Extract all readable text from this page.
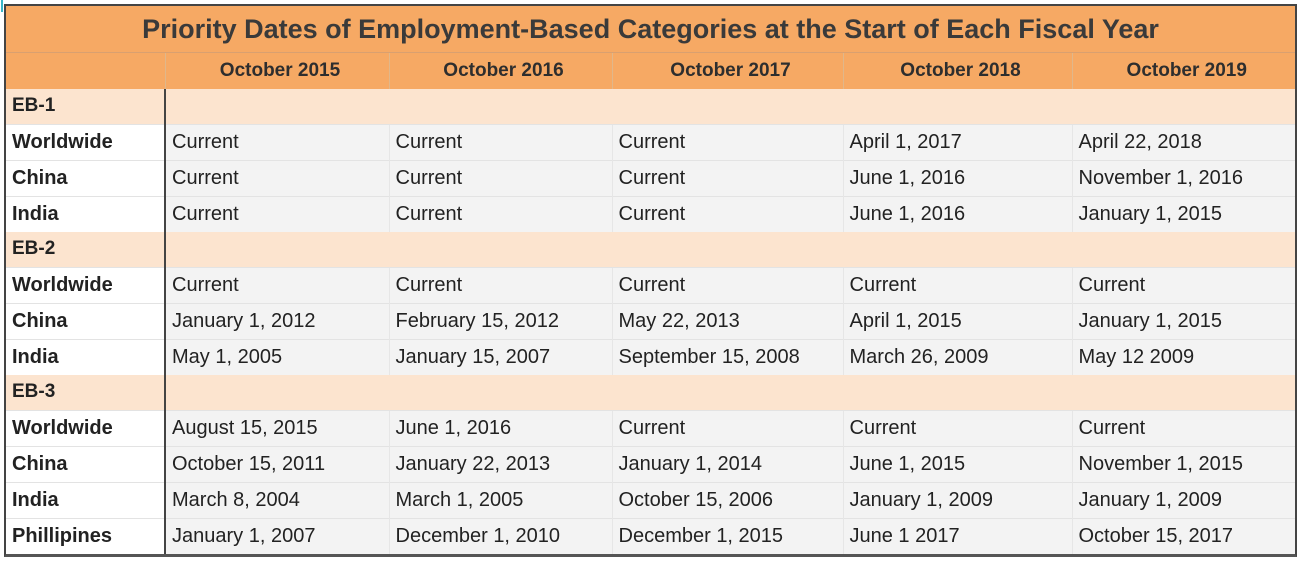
Priority Dates of Employment-Based Categories at the Start of Each Fiscal Year
	October 2015	October 2016	October 2017	October 2018	October 2019
EB-1					
Worldwide	Current	Current	Current	April 1, 2017	April 22, 2018
China	Current	Current	Current	June 1, 2016	November 1, 2016
India	Current	Current	Current	June 1, 2016	January 1, 2015
EB-2					
Worldwide	Current	Current	Current	Current	Current
China	January 1, 2012	February 15, 2012	May 22, 2013	April 1, 2015	January 1, 2015
India	May 1, 2005	January 15, 2007	September 15, 2008	March 26, 2009	May 12 2009
EB-3					
Worldwide	August 15, 2015	June 1, 2016	Current	Current	Current
China	October 15, 2011	January 22, 2013	January 1, 2014	June 1, 2015	November 1, 2015
India	March 8, 2004	March 1, 2005	October 15, 2006	January 1, 2009	January 1, 2009
Phillipines	January 1, 2007	December 1, 2010	December 1, 2015	June 1 2017	October 15, 2017
